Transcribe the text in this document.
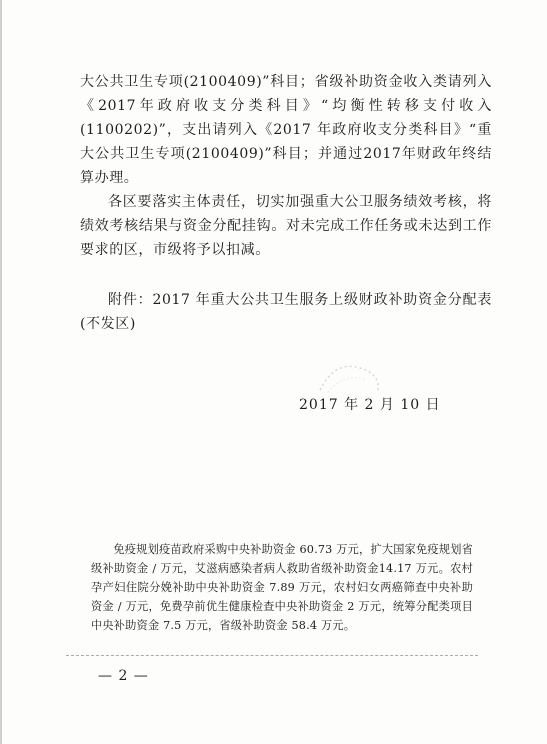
大公共卫生专项(2100409)”科目；省级补助资金收入类请列入《2017年政府收支分类科目》“均衡性转移支付收入(1100202)”，支出请列入《2017 年政府收支分类科目》“重大公共卫生专项(2100409)”科目；并通过2017年财政年终结算办理。

各区要落实主体责任，切实加强重大公卫服务绩效考核，将绩效考核结果与资金分配挂钩。对未完成工作任务或未达到工作要求的区，市级将予以扣减。

附件：2017 年重大公共卫生服务上级财政补助资金分配表(不发区)

2017 年 2 月 10 日

免疫规划疫苗政府采购中央补助资金 60.73 万元，扩大国家免疫规划省级补助资金 / 万元，艾滋病感染者病人救助省级补助资金14.17 万元。农村孕产妇住院分娩补助中央补助资金 7.89 万元，农村妇女两癌筛查中央补助资金 / 万元，免费孕前优生健康检查中央补助资金 2 万元，统筹分配类项目中央补助资金 7.5 万元，省级补助资金 58.4 万元。

— 2 —
